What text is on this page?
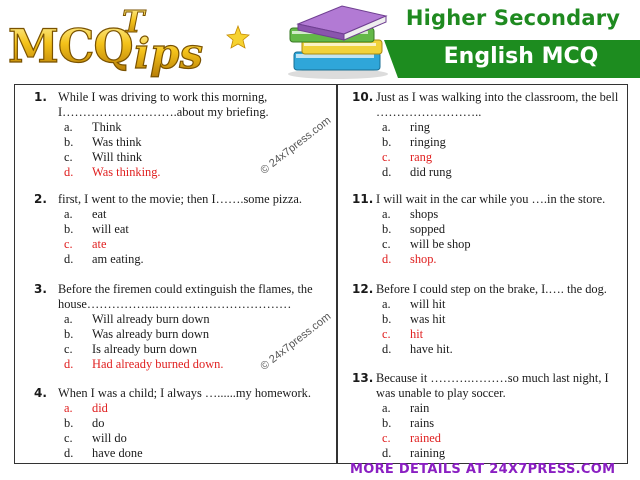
MCQ ips
T	Higher Secondary
English MCQ
1. While I was driving to work this morning, I……………………….about my briefing.
a. Think
b. Was think
c. Will think
d. Was thinking.
2. first, I went to the movie; then I…….some pizza.
a. eat
b. will eat
c. ate
d. am eating.
3. Before the firemen could extinguish the flames, the house……………..……………………………
a. Will already burn down
b. Was already burn down
c. Is already burn down
d. Had already burned down.
4. When I was a child; I always …......my homework.
a. did
b. do
c. will do
d. have done
10. Just as I was walking into the classroom, the bell ……………………..
a. ring
b. ringing
c. rang
d. did rung
11. I will wait in the car while you ….in the store.
a. shops
b. sopped
c. will be shop
d. shop.
12. Before I could step on the brake, I.…. the dog.
a. will hit
b. was hit
c. hit
d. have hit.
13. Because it ……….………so much last night, I was unable to play soccer.
a. rain
b. rains
c. rained
d. raining
© 24x7press.com
© 24x7press.com
MORE DETAILS AT 24X7PRESS.COM
